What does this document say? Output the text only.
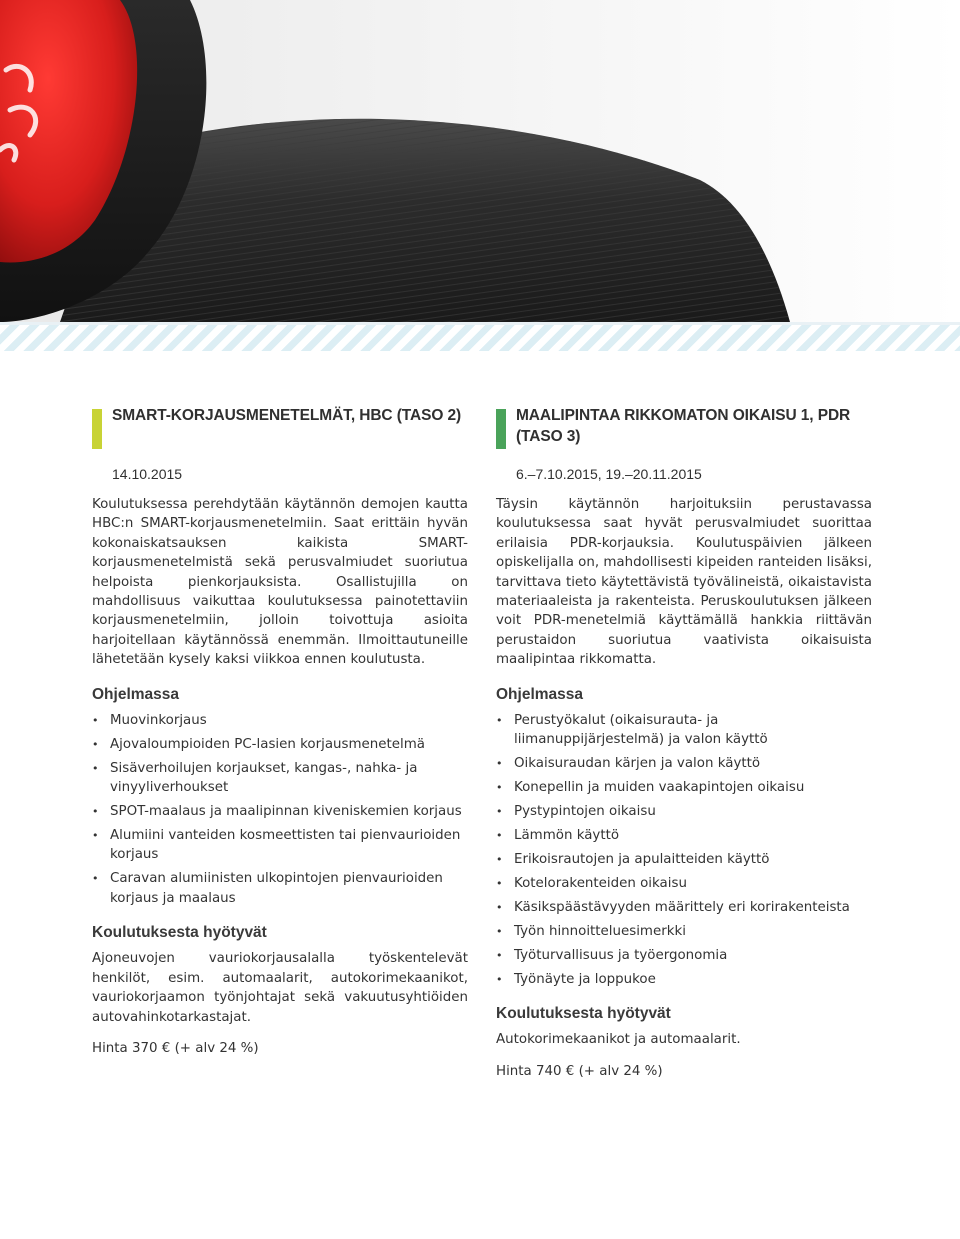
SMART-KORJAUSMENETELMÄT, HBC (TASO 2)
14.10.2015

Koulutuksessa perehdytään käytännön demojen kautta HBC:n SMART-korjausmenetelmiin. Saat erittäin hyvän kokonaiskatsauksen kaikista SMART-korjausmenetelmistä sekä perusvalmiudet suoriutua helpoista pienkorjauksista. Osallistujilla on mahdollisuus vaikuttaa koulutuksessa painotettaviin korjausmenetelmiin, jolloin toivottuja asioita harjoitellaan käytännössä enemmän. Ilmoittautuneille lähetetään kysely kaksi viikkoa ennen koulutusta.

Ohjelmassa
• Muovinkorjaus
• Ajovaloumpioiden PC-lasien korjausmenetelmä
• Sisäverhoilujen korjaukset, kangas-, nahka- ja vinyyliverhoukset
• SPOT-maalaus ja maalipinnan kiveniskemien korjaus
• Alumiini vanteiden kosmeettisten tai pienvaurioiden korjaus
• Caravan alumiinisten ulkopintojen pienvaurioiden korjaus ja maalaus
Koulutuksesta hyötyvät

Ajoneuvojen vauriokorjausalalla työskentelevät henkilöt, esim. automaalarit, autokorimekaanikot, vauriokorjaamon työnjohtajat sekä vakuutusyhtiöiden autovahinkotarkastajat.

Hinta 370 € (+ alv 24 %)
MAALIPINTAA RIKKOMATON OIKAISU 1, PDR (TASO 3)
6.–7.10.2015, 19.–20.11.2015

Täysin käytännön harjoituksiin perustavassa koulutuksessa saat hyvät perusvalmiudet suorittaa erilaisia PDR-korjauksia. Koulutuspäivien jälkeen opiskelijalla on, mahdollisesti kipeiden ranteiden lisäksi, tarvittava tieto käytettävistä työvälineistä, oikaistavista materiaaleista ja rakenteista. Peruskoulutuksen jälkeen voit PDR-menetelmiä käyttämällä hankkia riittävän perustaidon suoriutua vaativista oikaisuista maalipintaa rikkomatta.

Ohjelmassa
• Perustyökalut (oikaisurauta- ja liimanuppijärjestelmä) ja valon käyttö
• Oikaisuraudan kärjen ja valon käyttö
• Konepellin ja muiden vaakapintojen oikaisu
• Pystypintojen oikaisu
• Lämmön käyttö
• Erikoisrautojen ja apulaitteiden käyttö
• Kotelorakenteiden oikaisu
• Käsikspäästävyyden määrittely eri korirakenteista
• Työn hinnoitteluesimerkki
• Työturvallisuus ja työergonomia
• Työnäyte ja loppukoe
Koulutuksesta hyötyvät

Autokorimekaanikot ja automaalarit.

Hinta 740 € (+ alv 24 %)
